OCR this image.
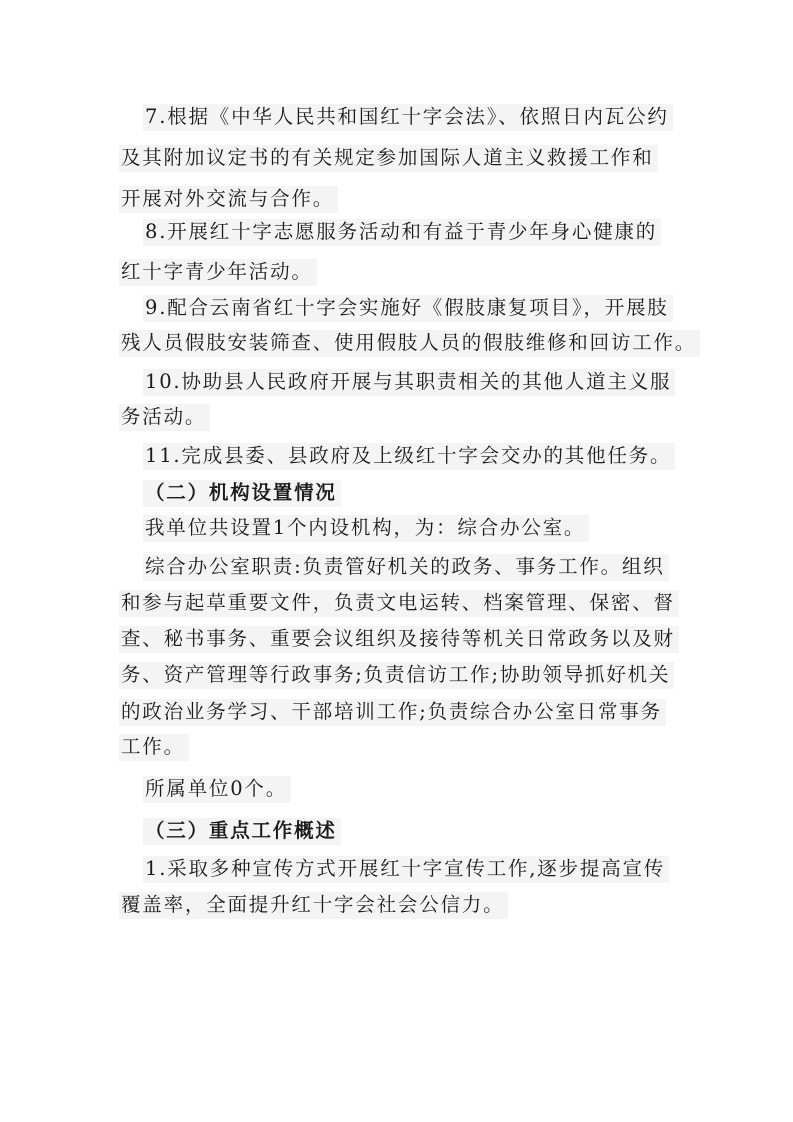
7.根据《中华人民共和国红十字会法》、依照日内瓦公约
及其附加议定书的有关规定参加国际人道主义救援工作和
开展对外交流与合作。
8.开展红十字志愿服务活动和有益于青少年身心健康的
红十字青少年活动。
9.配合云南省红十字会实施好《假肢康复项目》，开展肢
残人员假肢安装筛查、使用假肢人员的假肢维修和回访工作。
10.协助县人民政府开展与其职责相关的其他人道主义服
务活动。
11.完成县委、县政府及上级红十字会交办的其他任务。
（二）机构设置情况
我单位共设置1个内设机构，为：综合办公室。
综合办公室职责:负责管好机关的政务、事务工作。组织
和参与起草重要文件，负责文电运转、档案管理、保密、督
查、秘书事务、重要会议组织及接待等机关日常政务以及财
务、资产管理等行政事务;负责信访工作;协助领导抓好机关
的政治业务学习、干部培训工作;负责综合办公室日常事务
工作。
所属单位0个。
（三）重点工作概述
1.采取多种宣传方式开展红十字宣传工作,逐步提高宣传
覆盖率，全面提升红十字会社会公信力。
